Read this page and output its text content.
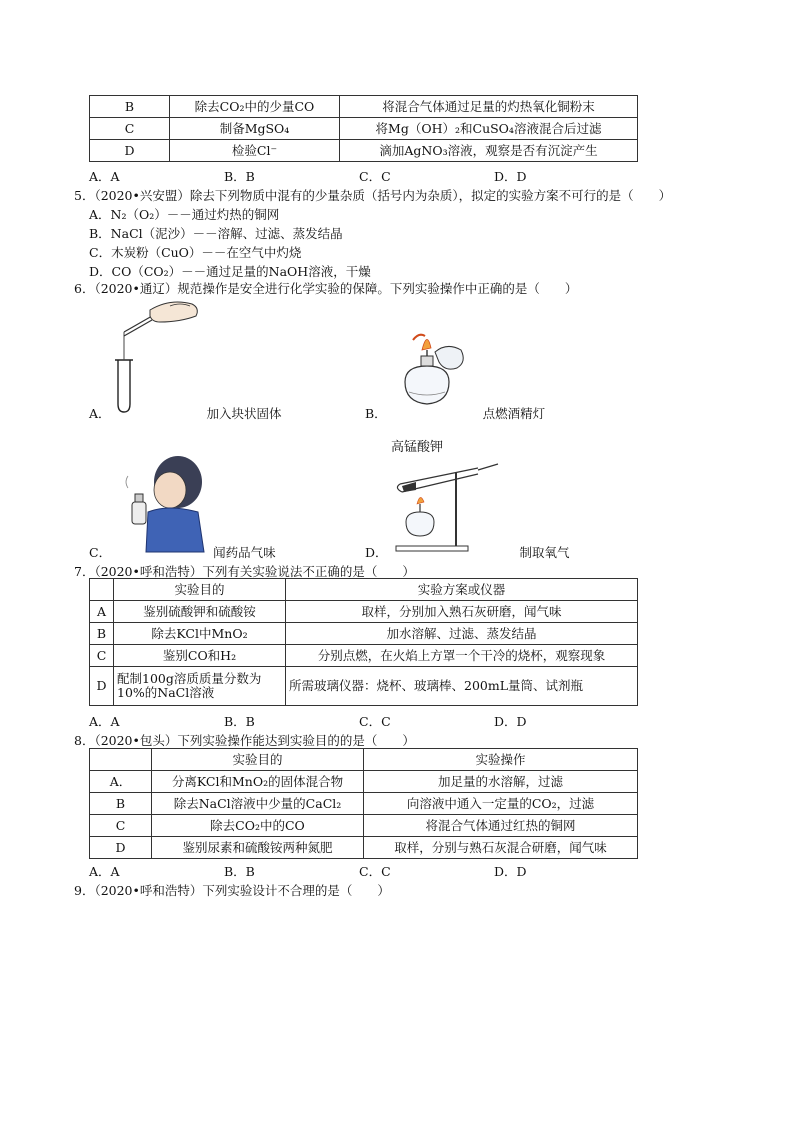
B	除去CO₂中的少量CO	将混合气体通过足量的灼热氧化铜粉末
C	制备MgSO₄	将Mg（OH）₂和CuSO₄溶液混合后过滤
D	检验Cl⁻	滴加AgNO₃溶液，观察是否有沉淀产生
A．A	B．B	C．C	D．D
5．（2020•兴安盟）除去下列物质中混有的少量杂质（括号内为杂质），拟定的实验方案不可行的是（　　）
A．N₂（O₂）－－通过灼热的铜网
B．NaCl（泥沙）－－溶解、过滤、蒸发结晶
C．木炭粉（CuO）－－在空气中灼烧
D．CO（CO₂）－－通过足量的NaOH溶液，干燥
6．（2020•通辽）规范操作是安全进行化学实验的保障。下列实验操作中正确的是（　　）
A．	加入块状固体	B．	点燃酒精灯
C．	闻药品气味
高锰酸钾
D．	制取氧气
7．（2020•呼和浩特）下列有关实验说法不正确的是（　　）
	实验目的	实验方案或仪器
A	鉴别硫酸钾和硫酸铵	取样，分别加入熟石灰研磨，闻气味
B	除去KCl中MnO₂	加水溶解、过滤、蒸发结晶
C	鉴别CO和H₂	分别点燃，在火焰上方罩一个干冷的烧杯，观察现象
D	配制100g溶质质量分数为10%的NaCl溶液	所需玻璃仪器：烧杯、玻璃棒、200mL量筒、试剂瓶
A．A	B．B	C．C	D．D
8．（2020•包头）下列实验操作能达到实验目的的是（　　）
	实验目的	实验操作
A．	分离KCl和MnO₂的固体混合物	加足量的水溶解，过滤
B	除去NaCl溶液中少量的CaCl₂	向溶液中通入一定量的CO₂，过滤
C	除去CO₂中的CO	将混合气体通过红热的铜网
D	鉴别尿素和硫酸铵两种氮肥	取样，分别与熟石灰混合研磨，闻气味
A．A	B．B	C．C	D．D
9．（2020•呼和浩特）下列实验设计不合理的是（　　）
